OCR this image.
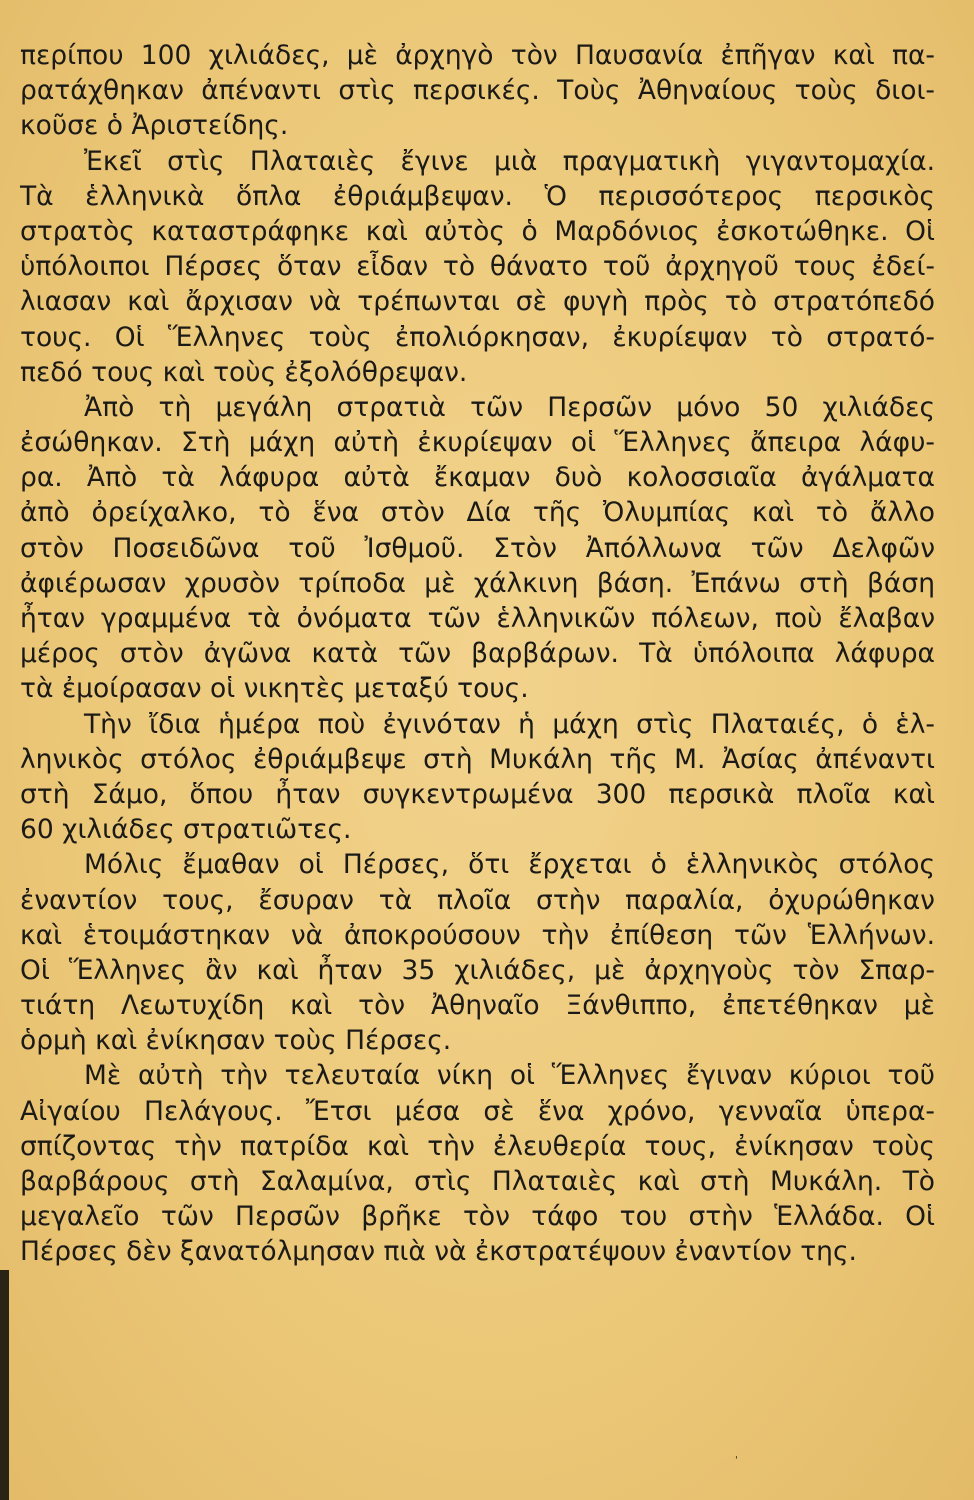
περίπου 100 χιλιάδες, μὲ ἀρχηγὸ τὸν Παυσανία ἐπῆγαν καὶ πα-
ρατάχθηκαν ἀπέναντι στὶς περσικές. Τοὺς Ἀθηναίους τοὺς διοι-
κοῦσε ὁ Ἀριστείδης.
Ἐκεῖ στὶς Πλαταιὲς ἔγινε μιὰ πραγματικὴ γιγαντομαχία.
Τὰ ἑλληνικὰ ὅπλα ἐθριάμβεψαν. Ὁ περισσότερος περσικὸς
στρατὸς καταστράφηκε καὶ αὐτὸς ὁ Μαρδόνιος ἐσκοτώθηκε. Οἱ
ὑπόλοιποι Πέρσες ὅταν εἶδαν τὸ θάνατο τοῦ ἀρχηγοῦ τους ἐδεί-
λιασαν καὶ ἄρχισαν νὰ τρέπωνται σὲ φυγὴ πρὸς τὸ στρατόπεδό
τους. Οἱ Ἕλληνες τοὺς ἐπολιόρκησαν, ἐκυρίεψαν τὸ στρατό-
πεδό τους καὶ τοὺς ἐξολόθρεψαν.
Ἀπὸ τὴ μεγάλη στρατιὰ τῶν Περσῶν μόνο 50 χιλιάδες
ἐσώθηκαν. Στὴ μάχη αὐτὴ ἐκυρίεψαν οἱ Ἕλληνες ἄπειρα λάφυ-
ρα. Ἀπὸ τὰ λάφυρα αὐτὰ ἔκαμαν δυὸ κολοσσιαῖα ἀγάλματα
ἀπὸ ὀρείχαλκο, τὸ ἕνα στὸν Δία τῆς Ὀλυμπίας καὶ τὸ ἄλλο
στὸν Ποσειδῶνα τοῦ Ἰσθμοῦ. Στὸν Ἀπόλλωνα τῶν Δελφῶν
ἀφιέρωσαν χρυσὸν τρίποδα μὲ χάλκινη βάση. Ἐπάνω στὴ βάση
ἦταν γραμμένα τὰ ὀνόματα τῶν ἑλληνικῶν πόλεων, ποὺ ἔλαβαν
μέρος στὸν ἀγῶνα κατὰ τῶν βαρβάρων. Τὰ ὑπόλοιπα λάφυρα
τὰ ἐμοίρασαν οἱ νικητὲς μεταξύ τους.
Τὴν ἴδια ἡμέρα ποὺ ἐγινόταν ἡ μάχη στὶς Πλαταιές, ὁ ἑλ-
ληνικὸς στόλος ἐθριάμβεψε στὴ Μυκάλη τῆς Μ. Ἀσίας ἀπέναντι
στὴ Σάμο, ὅπου ἦταν συγκεντρωμένα 300 περσικὰ πλοῖα καὶ
60 χιλιάδες στρατιῶτες.
Μόλις ἔμαθαν οἱ Πέρσες, ὅτι ἔρχεται ὁ ἑλληνικὸς στόλος
ἐναντίον τους, ἔσυραν τὰ πλοῖα στὴν παραλία, ὀχυρώθηκαν
καὶ ἑτοιμάστηκαν νὰ ἀποκρούσουν τὴν ἐπίθεση τῶν Ἑλλήνων.
Οἱ Ἕλληνες ἂν καὶ ἦταν 35 χιλιάδες, μὲ ἀρχηγοὺς τὸν Σπαρ-
τιάτη Λεωτυχίδη καὶ τὸν Ἀθηναῖο Ξάνθιππο, ἐπετέθηκαν μὲ
ὁρμὴ καὶ ἐνίκησαν τοὺς Πέρσες.
Μὲ αὐτὴ τὴν τελευταία νίκη οἱ Ἕλληνες ἔγιναν κύριοι τοῦ
Αἰγαίου Πελάγους. Ἔτσι μέσα σὲ ἕνα χρόνο, γενναῖα ὑπερα-
σπίζοντας τὴν πατρίδα καὶ τὴν ἐλευθερία τους, ἐνίκησαν τοὺς
βαρβάρους στὴ Σαλαμίνα, στὶς Πλαταιὲς καὶ στὴ Μυκάλη. Τὸ
μεγαλεῖο τῶν Περσῶν βρῆκε τὸν τάφο του στὴν Ἑλλάδα. Οἱ
Πέρσες δὲν ξανατόλμησαν πιὰ νὰ ἐκστρατέψουν ἐναντίον της.
'
